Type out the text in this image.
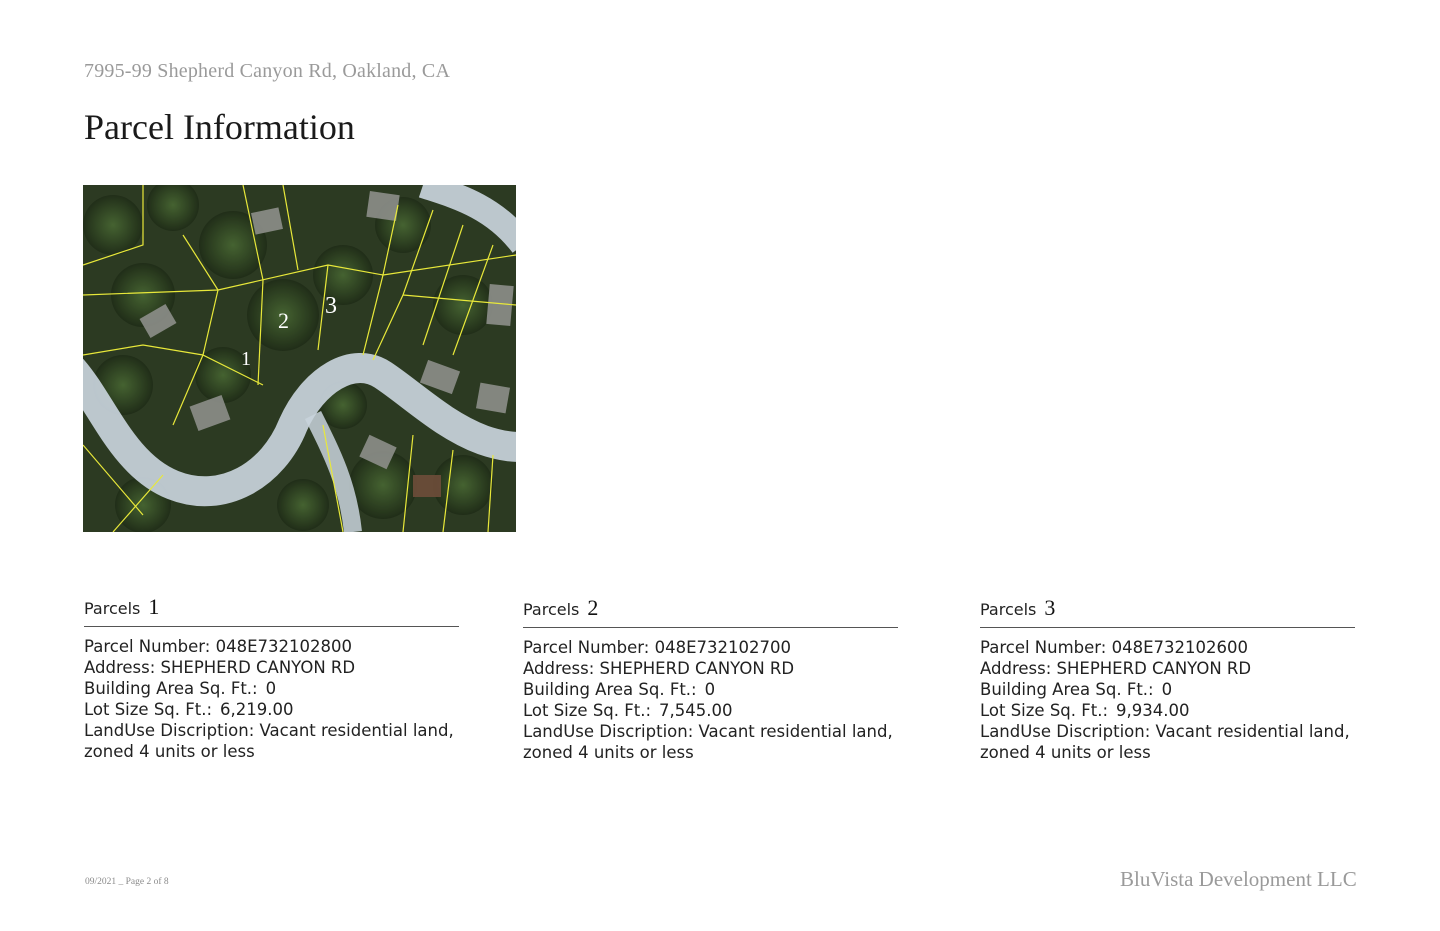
7995-99 Shepherd Canyon Rd, Oakland, CA
Parcel Information
1
2
3
Parcels 1
Parcel Number: 048E732102800
Address: SHEPHERD CANYON RD
Building Area Sq. Ft.: 0
Lot Size Sq. Ft.: 6,219.00
LandUse Discription: Vacant residential land, zoned 4 units or less
Parcels 2
Parcel Number: 048E732102700
Address: SHEPHERD CANYON RD
Building Area Sq. Ft.: 0
Lot Size Sq. Ft.: 7,545.00
LandUse Discription: Vacant residential land, zoned 4 units or less
Parcels 3
Parcel Number: 048E732102600
Address: SHEPHERD CANYON RD
Building Area Sq. Ft.: 0
Lot Size Sq. Ft.: 9,934.00
LandUse Discription: Vacant residential land, zoned 4 units or less
09/2021 _ Page 2 of 8	BluVista Development LLC
